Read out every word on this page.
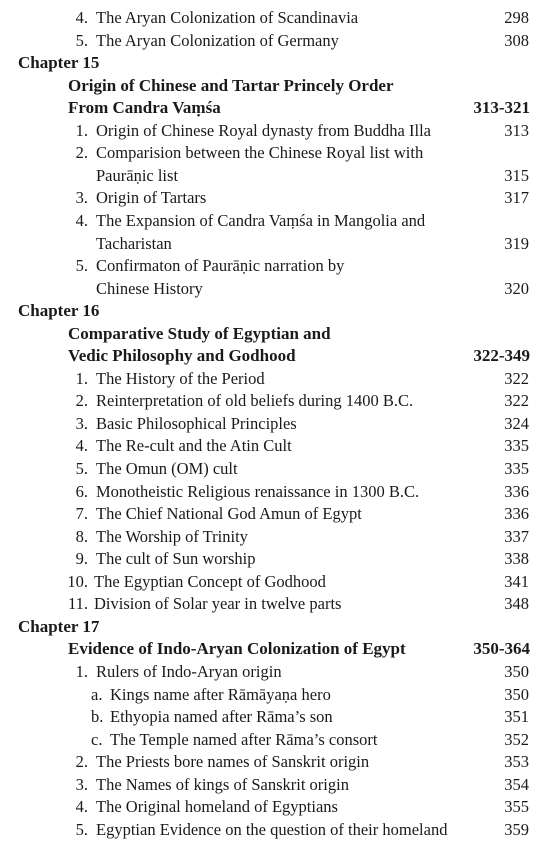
4. The Aryan Colonization of Scandinavia	298
5. The Aryan Colonization of Germany	308
Chapter 15
Origin of Chinese and Tartar Princely Order
From Candra Vaṃśa	313-321
1. Origin of Chinese Royal dynasty from Buddha Illa	313
2. Comparision between the Chinese Royal list with
Paurāṇic list	315
3. Origin of Tartars	317
4. The Expansion of Candra Vaṃśa in Mangolia and
Tacharistan	319
5. Confirmaton of Paurāṇic narration by
Chinese History	320
Chapter 16
Comparative Study of Egyptian and
Vedic Philosophy and Godhood	322-349
1. The History of the Period	322
2. Reinterpretation of old beliefs during 1400 B.C.	322
3. Basic Philosophical Principles	324
4. The Re-cult and the Atin Cult	335
5. The Omun (OM) cult	335
6. Monotheistic Religious renaissance in 1300 B.C.	336
7. The Chief National God Amun of Egypt	336
8. The Worship of Trinity	337
9. The cult of Sun worship	338
10. The Egyptian Concept of Godhood	341
11. Division of Solar year in twelve parts	348
Chapter 17
Evidence of Indo-Aryan Colonization of Egypt	350-364
1. Rulers of Indo-Aryan origin	350
a. Kings name after Rāmāyaṇa hero	350
b. Ethyopia named after Rāma’s son	351
c. The Temple named after Rāma’s consort	352
2. The Priests bore names of Sanskrit origin	353
3. The Names of kings of Sanskrit origin	354
4. The Original homeland of Egyptians	355
5. Egyptian Evidence on the question of their homeland	359
